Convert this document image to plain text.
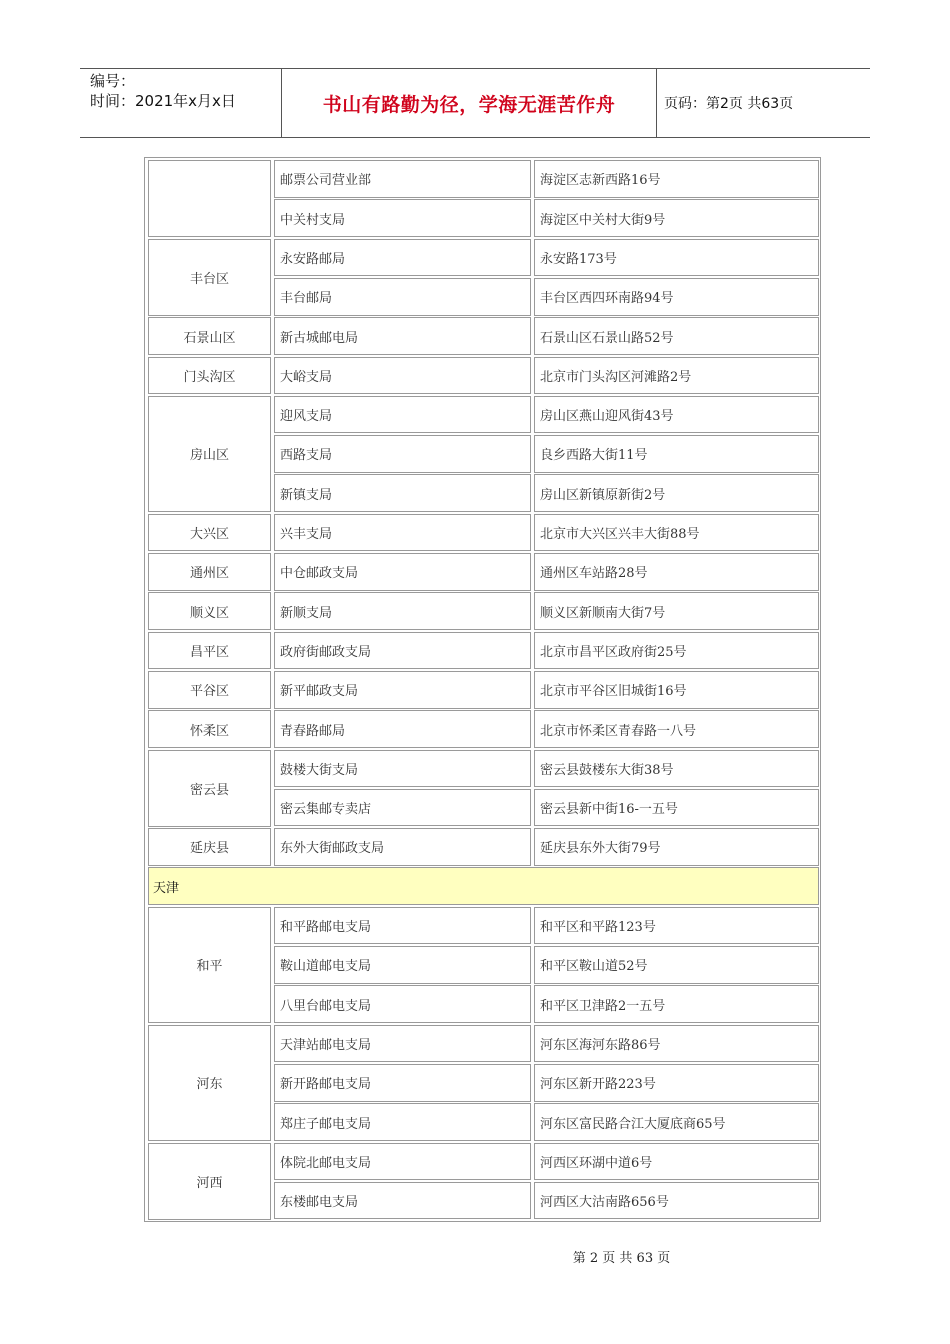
编号：
时间：2021年x月x日	书山有路勤为径，学海无涯苦作舟	页码：第2页 共63页
邮票公司营业部	海淀区志新西路16号
中关村支局	海淀区中关村大街9号
丰台区
永安路邮局	永安路173号
丰台邮局	丰台区西四环南路94号
石景山区	新古城邮电局	石景山区石景山路52号
门头沟区	大峪支局	北京市门头沟区河滩路2号
房山区
迎风支局	房山区燕山迎风街43号
西路支局	良乡西路大街11号
新镇支局	房山区新镇原新街2号
大兴区	兴丰支局	北京市大兴区兴丰大街88号
通州区	中仓邮政支局	通州区车站路28号
顺义区	新顺支局	顺义区新顺南大街7号
昌平区	政府街邮政支局	北京市昌平区政府街25号
平谷区	新平邮政支局	北京市平谷区旧城街16号
怀柔区	青春路邮局	北京市怀柔区青春路一八号
密云县
鼓楼大街支局	密云县鼓楼东大街38号
密云集邮专卖店	密云县新中街16-一五号
延庆县	东外大街邮政支局	延庆县东外大街79号
天津
和平
和平路邮电支局	和平区和平路123号
鞍山道邮电支局	和平区鞍山道52号
八里台邮电支局	和平区卫津路2一五号
河东
天津站邮电支局	河东区海河东路86号
新开路邮电支局	河东区新开路223号
郑庄子邮电支局	河东区富民路合江大厦底商65号
河西
体院北邮电支局	河西区环湖中道6号
东楼邮电支局	河西区大沽南路656号
第 2 页 共 63 页
